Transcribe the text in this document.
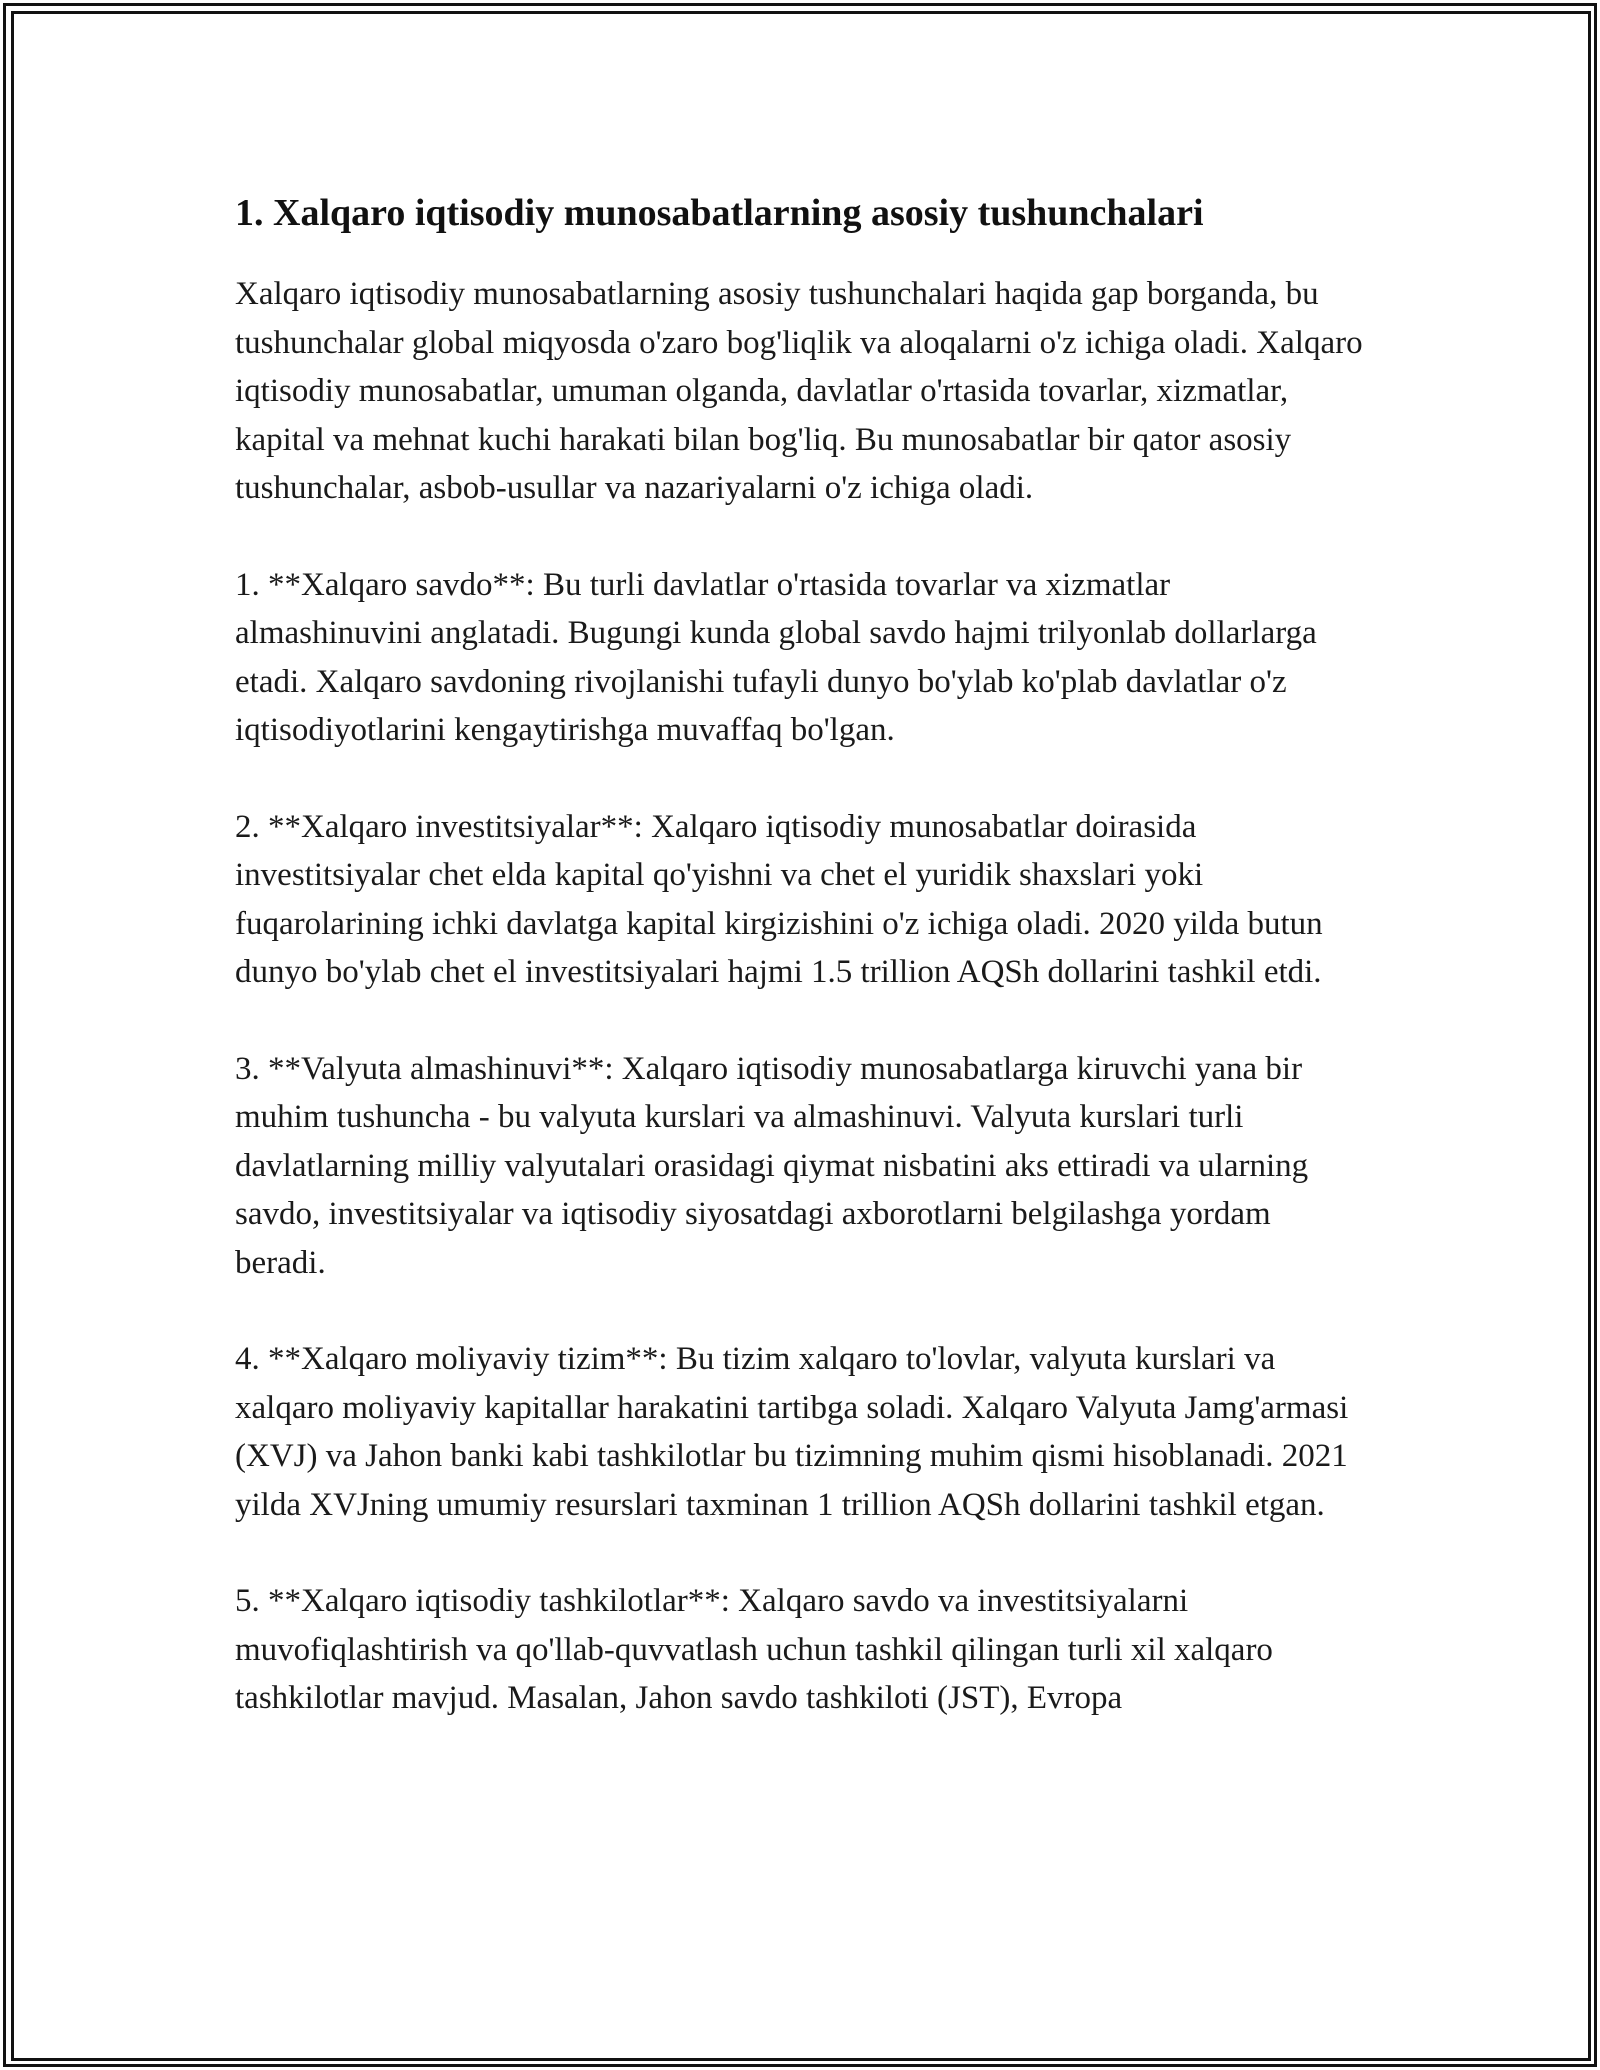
1. Xalqaro iqtisodiy munosabatlarning asosiy tushunchalari

Xalqaro iqtisodiy munosabatlarning asosiy tushunchalari haqida gap borganda, bu tushunchalar global miqyosda o'zaro bog'liqlik va aloqalarni o'z ichiga oladi. Xalqaro iqtisodiy munosabatlar, umuman olganda, davlatlar o'rtasida tovarlar, xizmatlar, kapital va mehnat kuchi harakati bilan bog'liq. Bu munosabatlar bir qator asosiy tushunchalar, asbob-usullar va nazariyalarni o'z ichiga oladi.

1. **Xalqaro savdo**: Bu turli davlatlar o'rtasida tovarlar va xizmatlar almashinuvini anglatadi. Bugungi kunda global savdo hajmi trilyonlab dollarlarga etadi. Xalqaro savdoning rivojlanishi tufayli dunyo bo'ylab ko'plab davlatlar o'z iqtisodiyotlarini kengaytirishga muvaffaq bo'lgan.

2. **Xalqaro investitsiyalar**: Xalqaro iqtisodiy munosabatlar doirasida investitsiyalar chet elda kapital qo'yishni va chet el yuridik shaxslari yoki fuqarolarining ichki davlatga kapital kirgizishini o'z ichiga oladi. 2020 yilda butun dunyo bo'ylab chet el investitsiyalari hajmi 1.5 trillion AQSh dollarini tashkil etdi.

3. **Valyuta almashinuvi**: Xalqaro iqtisodiy munosabatlarga kiruvchi yana bir muhim tushuncha - bu valyuta kurslari va almashinuvi. Valyuta kurslari turli davlatlarning milliy valyutalari orasidagi qiymat nisbatini aks ettiradi va ularning savdo, investitsiyalar va iqtisodiy siyosatdagi axborotlarni belgilashga yordam beradi.

4. **Xalqaro moliyaviy tizim**: Bu tizim xalqaro to'lovlar, valyuta kurslari va xalqaro moliyaviy kapitallar harakatini tartibga soladi. Xalqaro Valyuta Jamg'armasi (XVJ) va Jahon banki kabi tashkilotlar bu tizimning muhim qismi hisoblanadi. 2021 yilda XVJning umumiy resurslari taxminan 1 trillion AQSh dollarini tashkil etgan.

5. **Xalqaro iqtisodiy tashkilotlar**: Xalqaro savdo va investitsiyalarni muvofiqlashtirish va qo'llab-quvvatlash uchun tashkil qilingan turli xil xalqaro tashkilotlar mavjud. Masalan, Jahon savdo tashkiloti (JST), Evropa
